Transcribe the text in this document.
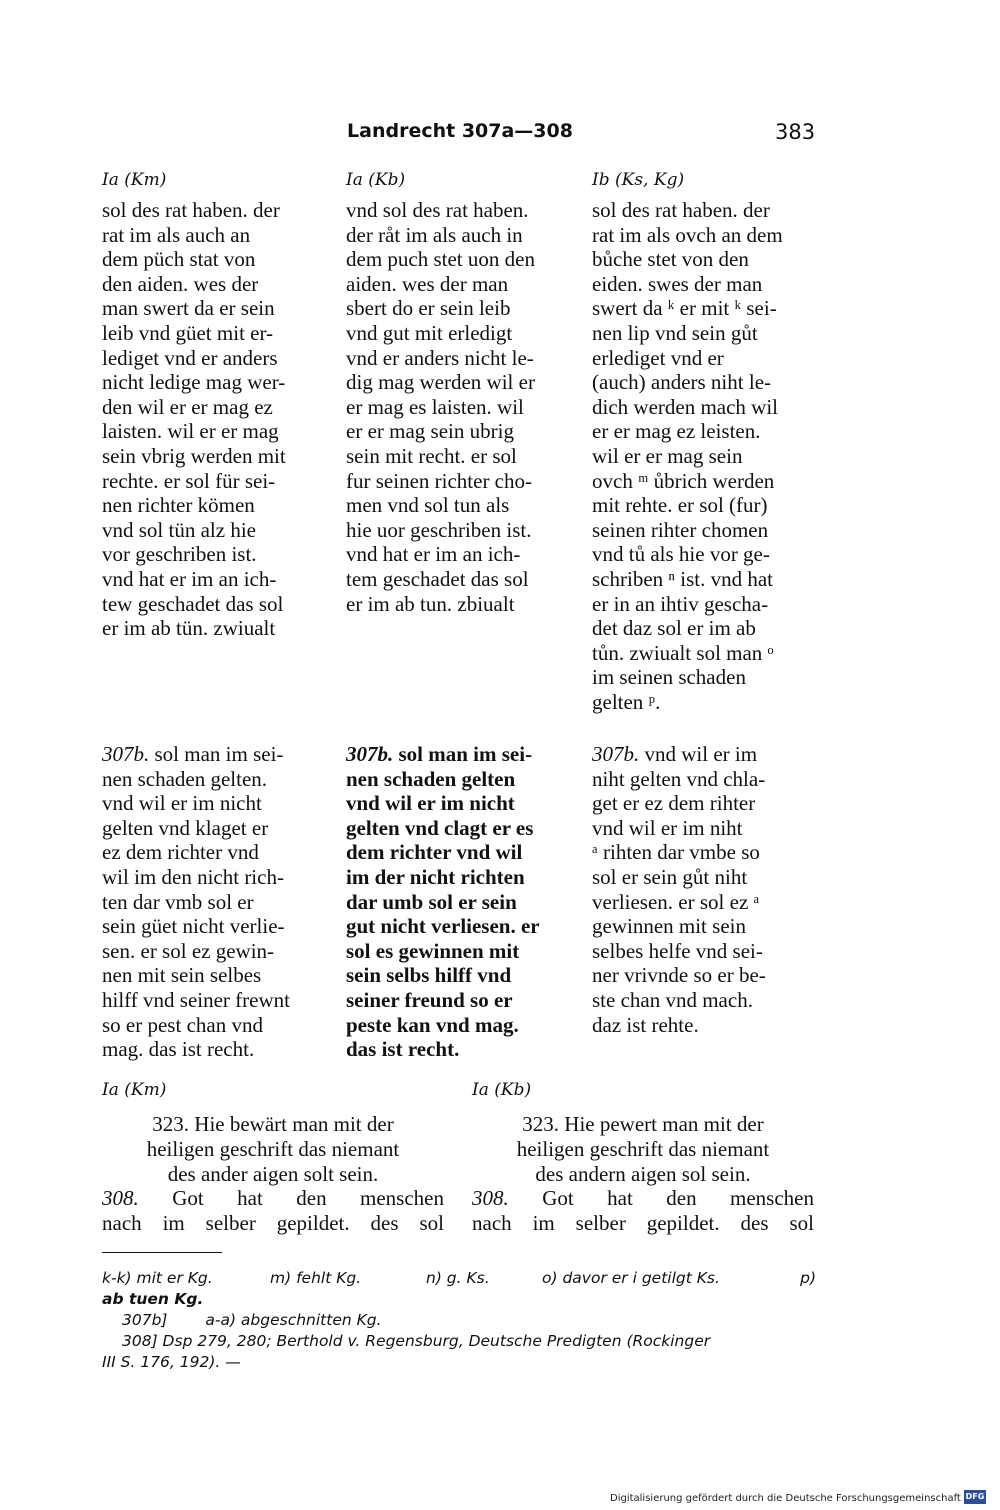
Landrecht 307a—308	383
Ia (Km)	Ia (Kb)	Ib (Ks, Kg)
sol des rat haben. der
rat im als auch an
dem püch stat von
den aiden. wes der
man swert da er sein
leib vnd güet mit er-
lediget vnd er anders
nicht ledige mag wer-
den wil er er mag ez
laisten. wil er er mag
sein vbrig werden mit
rechte. er sol für sei-
nen richter kömen
vnd sol tün alz hie
vor geschriben ist.
vnd hat er im an ich-
tew geschadet das sol
er im ab tün. zwiualt
vnd sol des rat haben.
der råt im als auch in
dem puch stet uon den
aiden. wes der man
sbert do er sein leib
vnd gut mit erledigt
vnd er anders nicht le-
dig mag werden wil er
er mag es laisten. wil
er er mag sein ubrig
sein mit recht. er sol
fur seinen richter cho-
men vnd sol tun als
hie uor geschriben ist.
vnd hat er im an ich-
tem geschadet das sol
er im ab tun. zbiualt
sol des rat haben. der
rat im als ovch an dem
bůche stet von den
eiden. swes der man
swert da ᵏ er mit ᵏ sei-
nen lip vnd sein gůt
erlediget vnd er
(auch) anders niht le-
dich werden mach wil
er er mag ez leisten.
wil er er mag sein
ovch ᵐ ůbrich werden
mit rehte. er sol (fur)
seinen rihter chomen
vnd tů als hie vor ge-
schriben ⁿ ist. vnd hat
er in an ihtiv gescha-
det daz sol er im ab
tůn. zwiualt sol man ᵒ
im seinen schaden
gelten ᵖ.
307b. sol man im sei-
nen schaden gelten.
vnd wil er im nicht
gelten vnd klaget er
ez dem richter vnd
wil im den nicht rich-
ten dar vmb sol er
sein güet nicht verlie-
sen. er sol ez gewin-
nen mit sein selbes
hilff vnd seiner frewnt
so er pest chan vnd
mag. das ist recht.
307b. sol man im sei-
nen schaden gelten
vnd wil er im nicht
gelten vnd clagt er es
dem richter vnd wil
im der nicht richten
dar umb sol er sein
gut nicht verliesen. er
sol es gewinnen mit
sein selbs hilff vnd
seiner freund so er
peste kan vnd mag.
das ist recht.
307b. vnd wil er im
niht gelten vnd chla-
get er ez dem rihter
vnd wil er im niht
ᵃ rihten dar vmbe so
sol er sein gůt niht
verliesen. er sol ez ᵃ
gewinnen mit sein
selbes helfe vnd sei-
ner vrivnde so er be-
ste chan vnd mach.
daz ist rehte.
Ia (Km)	Ia (Kb)
323. Hie bewärt man mit der
heiligen geschrift das niemant
des ander aigen solt sein.
323. Hie pewert man mit der
heiligen geschrift das niemant
des andern aigen sol sein.
308. Got hat den menschen
nach im selber gepildet. des sol
308. Got hat den menschen
nach im selber gepildet. des sol
k-k) mit er Kg.	m) fehlt Kg.	n) g. Ks.	o) davor er i getilgt Ks.	p)
ab tuen Kg.
307b] a-a) abgeschnitten Kg.
308] Dsp 279, 280; Berthold v. Regensburg, Deutsche Predigten (Rockinger
III S. 176, 192). —
Digitalisierung gefördert durch die Deutsche Forschungsgemeinschaft DFG
